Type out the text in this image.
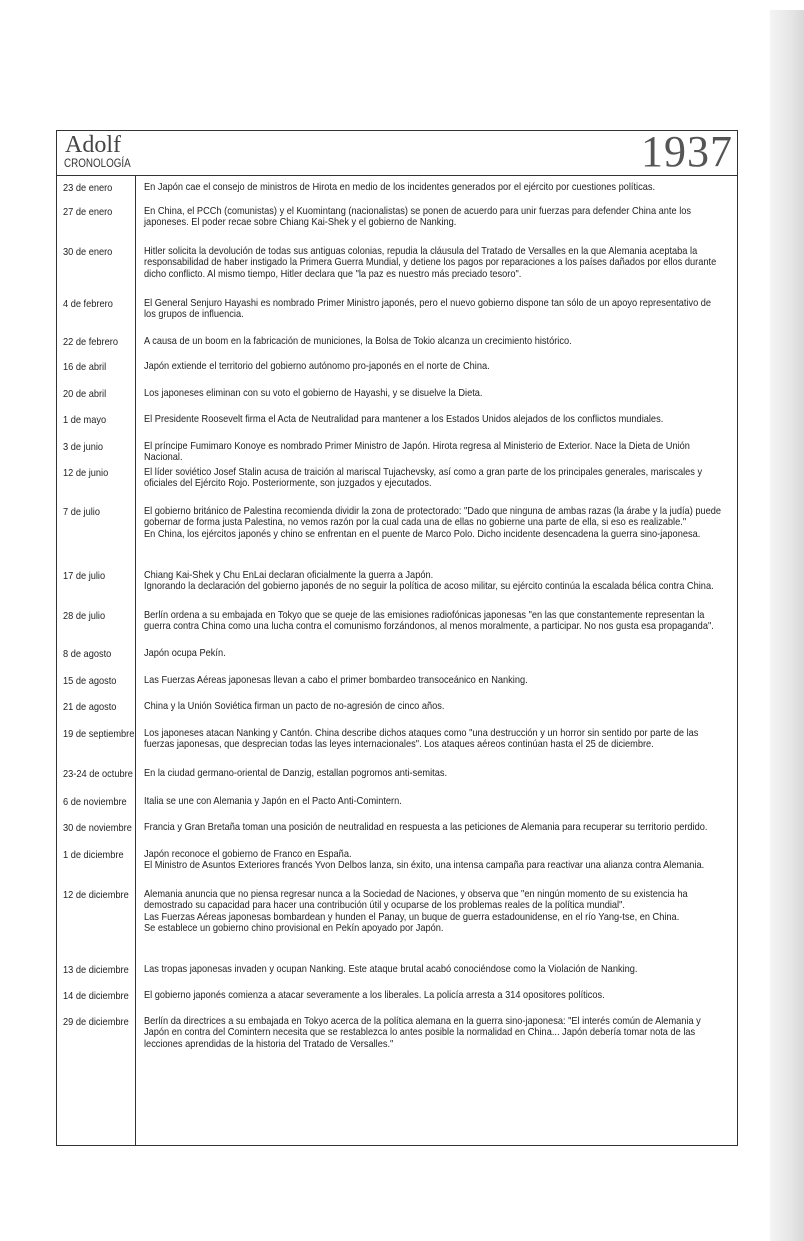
Adolf
CRONOLOGÍA	1937
23 de enero	En Japón cae el consejo de ministros de Hirota en medio de los incidentes generados por el ejército por cuestiones políticas.
27 de enero	En China, el PCCh (comunistas) y el Kuomintang (nacionalistas) se ponen de acuerdo para unir fuerzas para defender China ante los japoneses. El poder recae sobre Chiang Kai-Shek y el gobierno de Nanking.
30 de enero	Hitler solicita la devolución de todas sus antiguas colonias, repudia la cláusula del Tratado de Versalles en la que Alemania aceptaba la responsabilidad de haber instigado la Primera Guerra Mundial, y detiene los pagos por reparaciones a los países dañados por ellos durante dicho conflicto. Al mismo tiempo, Hitler declara que "la paz es nuestro más preciado tesoro".
4 de febrero	El General Senjuro Hayashi es nombrado Primer Ministro japonés, pero el nuevo gobierno dispone tan sólo de un apoyo representativo de los grupos de influencia.
22 de febrero	A causa de un boom en la fabricación de municiones, la Bolsa de Tokio alcanza un crecimiento histórico.
16 de abril	Japón extiende el territorio del gobierno autónomo pro-japonés en el norte de China.
20 de abril	Los japoneses eliminan con su voto el gobierno de Hayashi, y se disuelve la Dieta.
1 de mayo	El Presidente Roosevelt firma el Acta de Neutralidad para mantener a los Estados Unidos alejados de los conflictos mundiales.
3 de junio	El príncipe Fumimaro Konoye es nombrado Primer Ministro de Japón. Hirota regresa al Ministerio de Exterior. Nace la Dieta de Unión Nacional.
12 de junio	El líder soviético Josef Stalin acusa de traición al mariscal Tujachevsky, así como a gran parte de los principales generales, mariscales y oficiales del Ejército Rojo. Posteriormente, son juzgados y ejecutados.
7 de julio	El gobierno británico de Palestina recomienda dividir la zona de protectorado: "Dado que ninguna de ambas razas (la árabe y la judía) puede gobernar de forma justa Palestina, no vemos razón por la cual cada una de ellas no gobierne una parte de ella, si eso es realizable."
En China, los ejércitos japonés y chino se enfrentan en el puente de Marco Polo. Dicho incidente desencadena la guerra sino-japonesa.
17 de julio	Chiang Kai-Shek y Chu EnLai declaran oficialmente la guerra a Japón.
Ignorando la declaración del gobierno japonés de no seguir la política de acoso militar, su ejército continúa la escalada bélica contra China.
28 de julio	Berlín ordena a su embajada en Tokyo que se queje de las emisiones radiofónicas japonesas "en las que constantemente representan la guerra contra China como una lucha contra el comunismo forzándonos, al menos moralmente, a participar. No nos gusta esa propaganda".
8 de agosto	Japón ocupa Pekín.
15 de agosto	Las Fuerzas Aéreas japonesas llevan a cabo el primer bombardeo transoceánico en Nanking.
21 de agosto	China y la Unión Soviética firman un pacto de no-agresión de cinco años.
19 de septiembre Los japoneses atacan Nanking y Cantón. China describe dichos ataques como "una destrucción y un horror sin sentido por parte de las fuerzas japonesas, que desprecian todas las leyes internacionales". Los ataques aéreos continúan hasta el 25 de diciembre.
23-24 de octubre En la ciudad germano-oriental de Danzig, estallan pogromos anti-semitas.
6 de noviembre Italia se une con Alemania y Japón en el Pacto Anti-Comintern.
30 de noviembre Francia y Gran Bretaña toman una posición de neutralidad en respuesta a las peticiones de Alemania para recuperar su territorio perdido.
1 de diciembre Japón reconoce el gobierno de Franco en España.
El Ministro de Asuntos Exteriores francés Yvon Delbos lanza, sin éxito, una intensa campaña para reactivar una alianza contra Alemania.
12 de diciembre Alemania anuncia que no piensa regresar nunca a la Sociedad de Naciones, y observa que "en ningún momento de su existencia ha demostrado su capacidad para hacer una contribución útil y ocuparse de los problemas reales de la política mundial".
Las Fuerzas Aéreas japonesas bombardean y hunden el Panay, un buque de guerra estadounidense, en el río Yang-tse, en China.
Se establece un gobierno chino provisional en Pekín apoyado por Japón.
13 de diciembre Las tropas japonesas invaden y ocupan Nanking. Este ataque brutal acabó conociéndose como la Violación de Nanking.
14 de diciembre El gobierno japonés comienza a atacar severamente a los liberales. La policía arresta a 314 opositores políticos.
29 de diciembre Berlín da directrices a su embajada en Tokyo acerca de la política alemana en la guerra sino-japonesa: "El interés común de Alemania y Japón en contra del Comintern necesita que se restablezca lo antes posible la normalidad en China... Japón debería tomar nota de las lecciones aprendidas de la historia del Tratado de Versalles."
